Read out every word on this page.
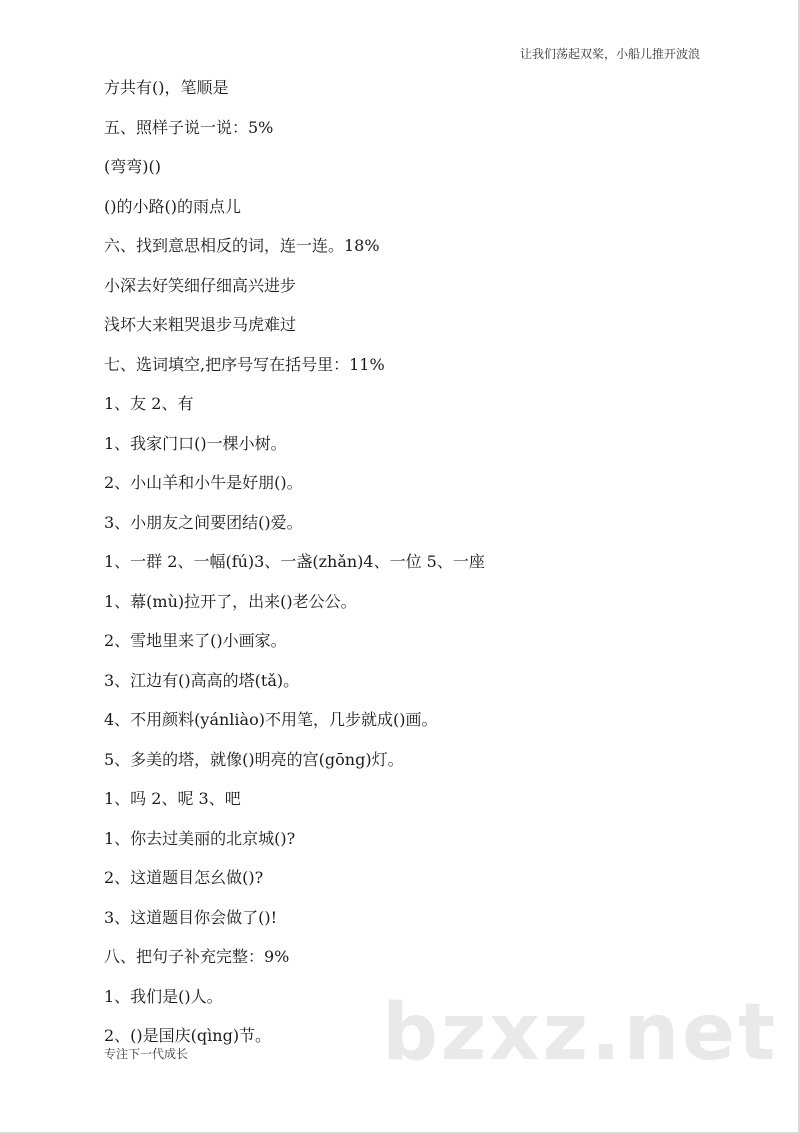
让我们荡起双桨，小船儿推开波浪
方共有()，笔顺是
五、照样子说一说：5%
(弯弯)()
()的小路()的雨点儿
六、找到意思相反的词，连一连。18%
小深去好笑细仔细高兴进步
浅坏大来粗哭退步马虎难过
七、选词填空,把序号写在括号里：11%
1、友 2、有
1、我家门口()一棵小树。
2、小山羊和小牛是好朋()。
3、小朋友之间要团结()爱。
1、一群 2、一幅(fú)3、一盏(zhǎn)4、一位 5、一座
1、幕(mù)拉开了，出来()老公公。
2、雪地里来了()小画家。
3、江边有()高高的塔(tǎ)。
4、不用颜料(yánliào)不用笔，几步就成()画。
5、多美的塔，就像()明亮的宫(gōng)灯。
1、吗 2、呢 3、吧
1、你去过美丽的北京城()?
2、这道题目怎幺做()?
3、这道题目你会做了()!
八、把句子补充完整：9%
1、我们是()人。
2、()是国庆(qìng)节。	bzxz.net
专注下一代成长
